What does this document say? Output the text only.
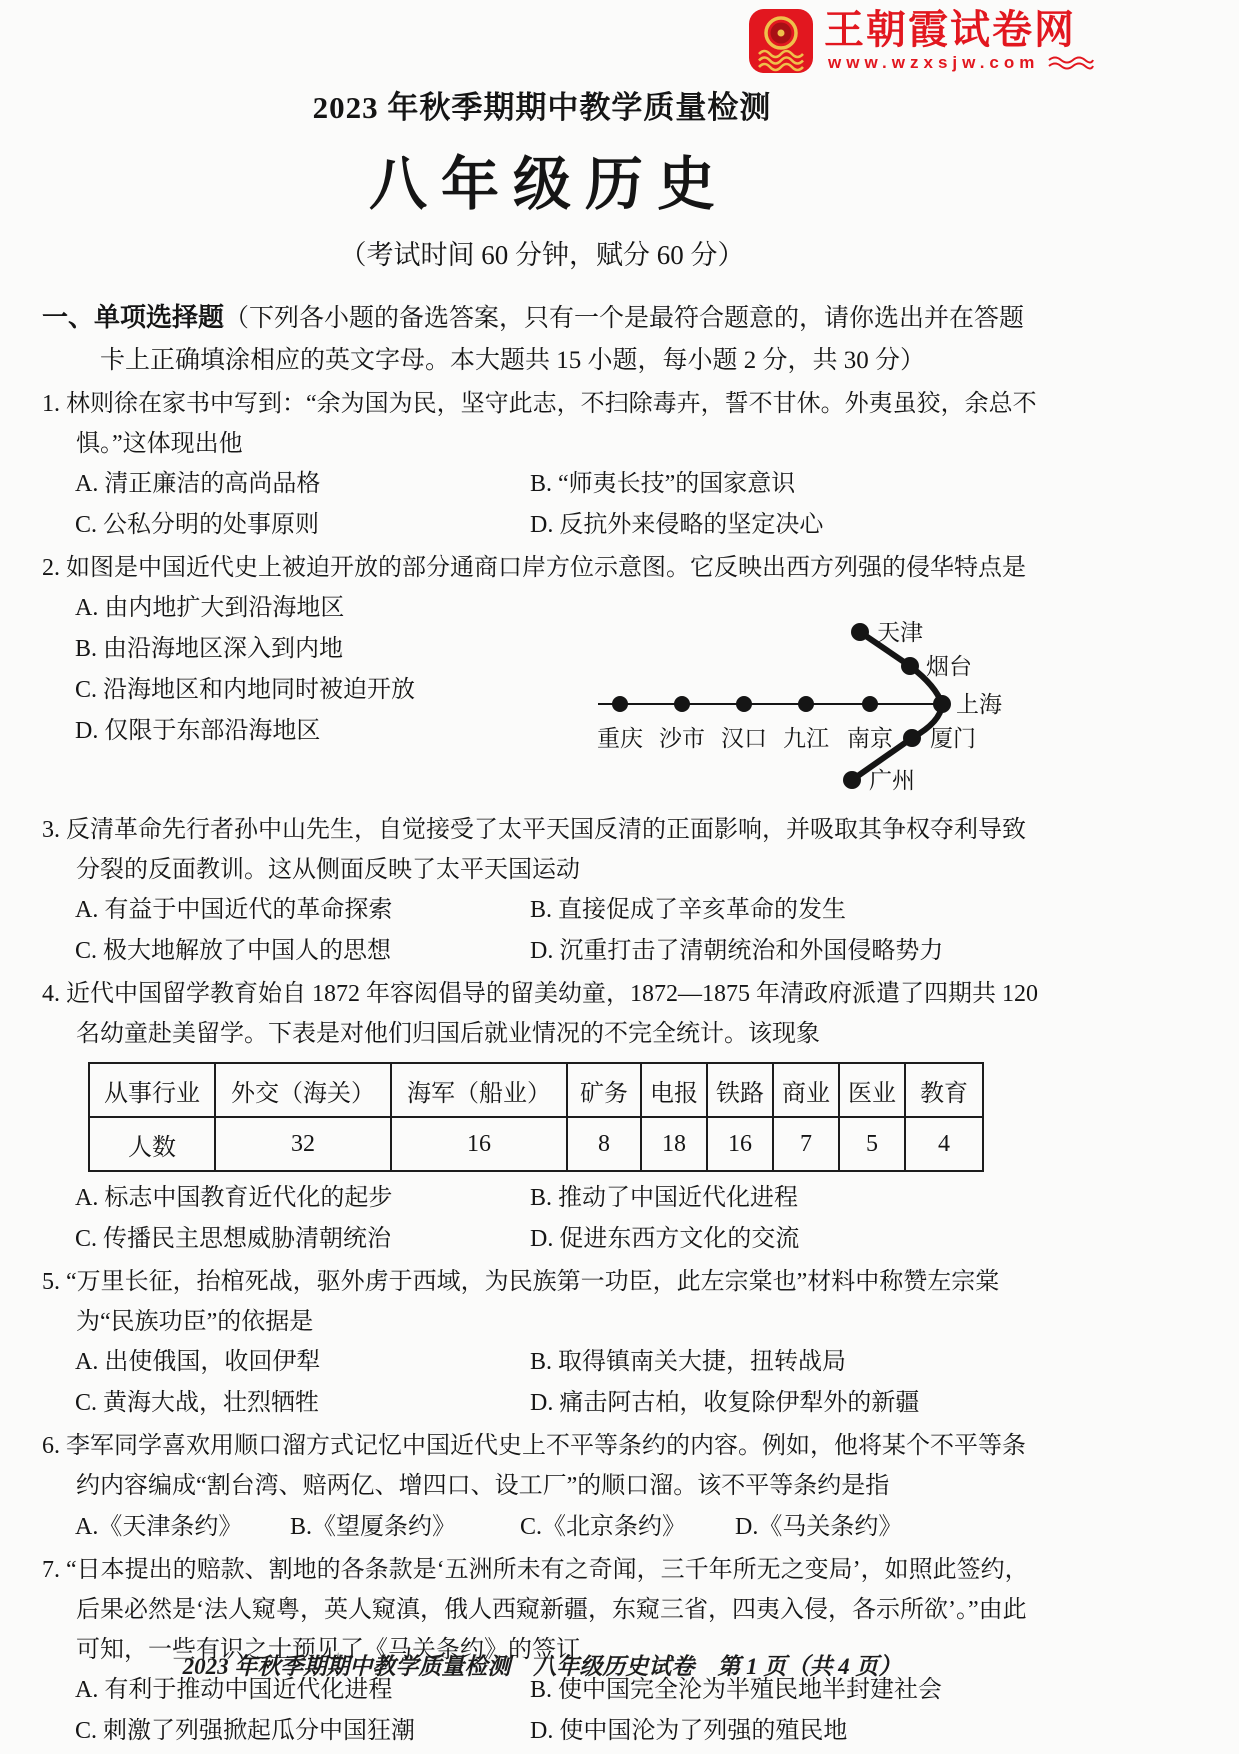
王朝霞试卷网
www.wzxsjw.com
2023 年秋季期期中教学质量检测
八年级历史
（考试时间 60 分钟，赋分 60 分）

一、单项选择题（下列各小题的备选答案，只有一个是最符合题意的，请你选出并在答题卡上正确填涂相应的英文字母。本大题共 15 小题，每小题 2 分，共 30 分）

1. 林则徐在家书中写到：“余为国为民，坚守此志，不扫除毒卉，誓不甘休。外夷虽狡，余总不惧。”这体现出他

A. 清正廉洁的高尚品格	B. “师夷长技”的国家意识
C. 公私分明的处事原则	D. 反抗外来侵略的坚定决心

2. 如图是中国近代史上被迫开放的部分通商口岸方位示意图。它反映出西方列强的侵华特点是

A. 由内地扩大到沿海地区
B. 由沿海地区深入到内地
C. 沿海地区和内地同时被迫开放
D. 仅限于东部沿海地区	重庆 沙市 汉口 九江 南京
上海
烟台
天津
厦门
广州

3. 反清革命先行者孙中山先生，自觉接受了太平天国反清的正面影响，并吸取其争权夺利导致分裂的反面教训。这从侧面反映了太平天国运动

A. 有益于中国近代的革命探索	B. 直接促成了辛亥革命的发生
C. 极大地解放了中国人的思想	D. 沉重打击了清朝统治和外国侵略势力

4. 近代中国留学教育始自 1872 年容闳倡导的留美幼童，1872—1875 年清政府派遣了四期共 120 名幼童赴美留学。下表是对他们归国后就业情况的不完全统计。该现象

从事行业	外交（海关）	海军（船业）	矿务	电报	铁路	商业	医业	教育
人数	32	16	8	18	16	7	5	4
A. 标志中国教育近代化的起步	B. 推动了中国近代化进程
C. 传播民主思想威胁清朝统治	D. 促进东西方文化的交流

5. “万里长征，抬棺死战，驱外虏于西域，为民族第一功臣，此左宗棠也”材料中称赞左宗棠为“民族功臣”的依据是

A. 出使俄国，收回伊犁	B. 取得镇南关大捷，扭转战局
C. 黄海大战，壮烈牺牲	D. 痛击阿古柏，收复除伊犁外的新疆

6. 李军同学喜欢用顺口溜方式记忆中国近代史上不平等条约的内容。例如，他将某个不平等条约内容编成“割台湾、赔两亿、增四口、设工厂”的顺口溜。该不平等条约是指

A.《天津条约》	B.《望厦条约》	C.《北京条约》	D.《马关条约》

7. “日本提出的赔款、割地的各条款是‘五洲所未有之奇闻，三千年所无之变局’，如照此签约，后果必然是‘法人窥粤，英人窥滇，俄人西窥新疆，东窥三省，四夷入侵，各示所欲’。”由此可知，一些有识之士预见了《马关条约》的签订

A. 有利于推动中国近代化进程	B. 使中国完全沦为半殖民地半封建社会
C. 刺激了列强掀起瓜分中国狂潮	D. 使中国沦为了列强的殖民地
2023 年秋季期期中教学质量检测　八年级历史试卷　第 1 页（共 4 页）
